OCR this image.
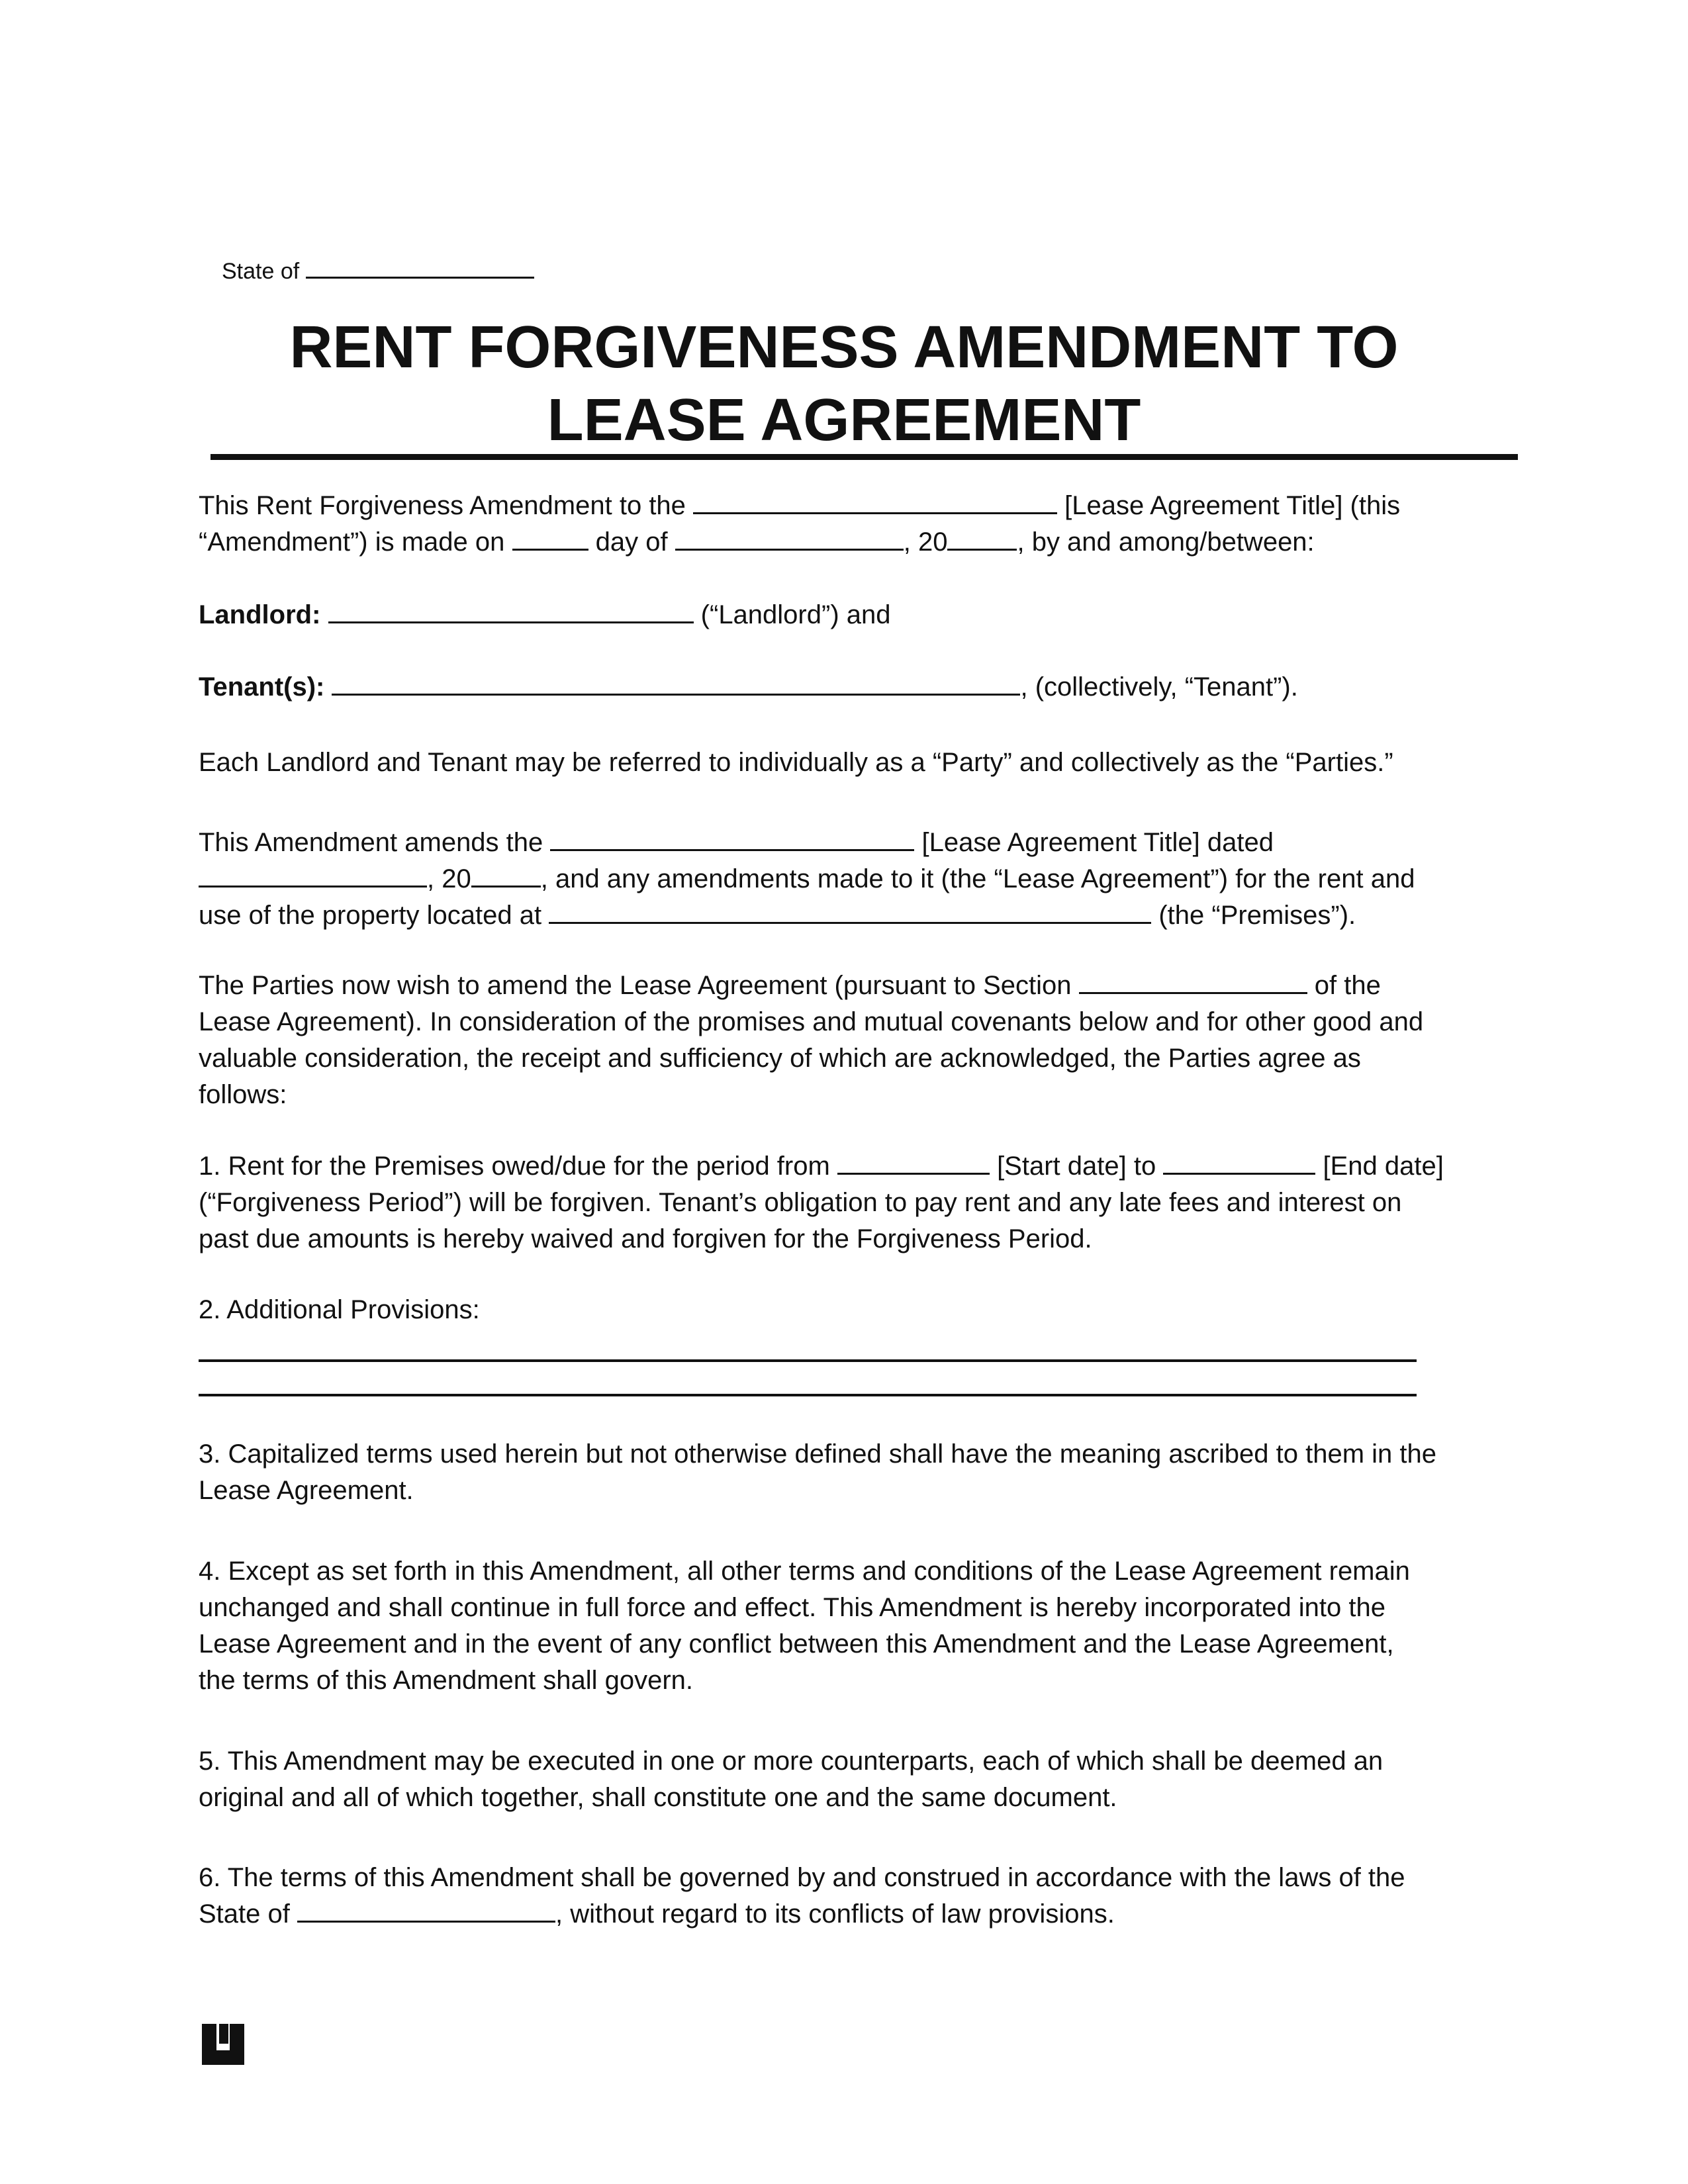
State of
RENT FORGIVENESS AMENDMENT TO
LEASE AGREEMENT
This Rent Forgiveness Amendment to the	[Lease Agreement Title] (this
“Amendment”) is made on	day of	, 20	, by and among/between:
Landlord:	(“Landlord”) and
Tenant(s):	, (collectively, “Tenant”).
Each Landlord and Tenant may be referred to individually as a “Party” and collectively as the “Parties.”
This Amendment amends the	[Lease Agreement Title] dated
, 20	, and any amendments made to it (the “Lease Agreement”) for the rent and
use of the property located at	(the “Premises”).
The Parties now wish to amend the Lease Agreement (pursuant to Section	of the
Lease Agreement). In consideration of the promises and mutual covenants below and for other good and
valuable consideration, the receipt and sufficiency of which are acknowledged, the Parties agree as
follows:
1. Rent for the Premises owed/due for the period from	[Start date] to	[End date]
(“Forgiveness Period”) will be forgiven. Tenant’s obligation to pay rent and any late fees and interest on
past due amounts is hereby waived and forgiven for the Forgiveness Period.
2. Additional Provisions:
3. Capitalized terms used herein but not otherwise defined shall have the meaning ascribed to them in the
Lease Agreement.
4. Except as set forth in this Amendment, all other terms and conditions of the Lease Agreement remain
unchanged and shall continue in full force and effect. This Amendment is hereby incorporated into the
Lease Agreement and in the event of any conflict between this Amendment and the Lease Agreement,
the terms of this Amendment shall govern.
5. This Amendment may be executed in one or more counterparts, each of which shall be deemed an
original and all of which together, shall constitute one and the same document.
6. The terms of this Amendment shall be governed by and construed in accordance with the laws of the
State of	, without regard to its conflicts of law provisions.
